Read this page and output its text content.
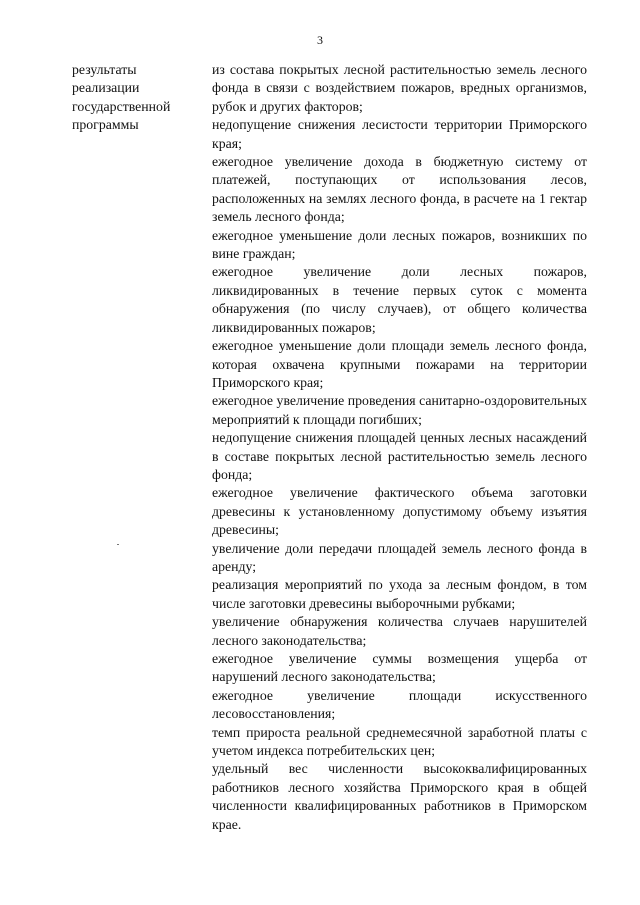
3
результаты
реализации
государственной
программы

из состава покрытых лесной растительностью земель лесного фонда в связи с воздействием пожаров, вредных организмов, рубок и других факторов;

недопущение снижения лесистости территории Приморского края;

ежегодное увеличение дохода в бюджетную систему от платежей, поступающих от использования лесов, расположенных на землях лесного фонда, в расчете на 1 гектар земель лесного фонда;

ежегодное уменьшение доли лесных пожаров, возникших по вине граждан;

ежегодное увеличение доли лесных пожаров, ликвидированных в течение первых суток с момента обнаружения (по числу случаев), от общего количества ликвидированных пожаров;

ежегодное уменьшение доли площади земель лесного фонда, которая охвачена крупными пожарами на территории Приморского края;

ежегодное увеличение проведения санитарно-оздоровительных мероприятий к площади погибших;

недопущение снижения площадей ценных лесных насаждений в составе покрытых лесной растительностью земель лесного фонда;

ежегодное увеличение фактического объема заготовки древесины к установленному допустимому объему изъятия древесины;

увеличение доли передачи площадей земель лесного фонда в аренду;

реализация мероприятий по ухода за лесным фондом, в том числе заготовки древесины выборочными рубками;

увеличение обнаружения количества случаев нарушителей лесного законодательства;

ежегодное увеличение суммы возмещения ущерба от нарушений лесного законодательства;

ежегодное увеличение площади искусственного лесовосстановления;

темп прироста реальной среднемесячной заработной платы с учетом индекса потребительских цен;

удельный вес численности высококвалифицированных работников лесного хозяйства Приморского края в общей численности квалифицированных работников в Приморском крае.
